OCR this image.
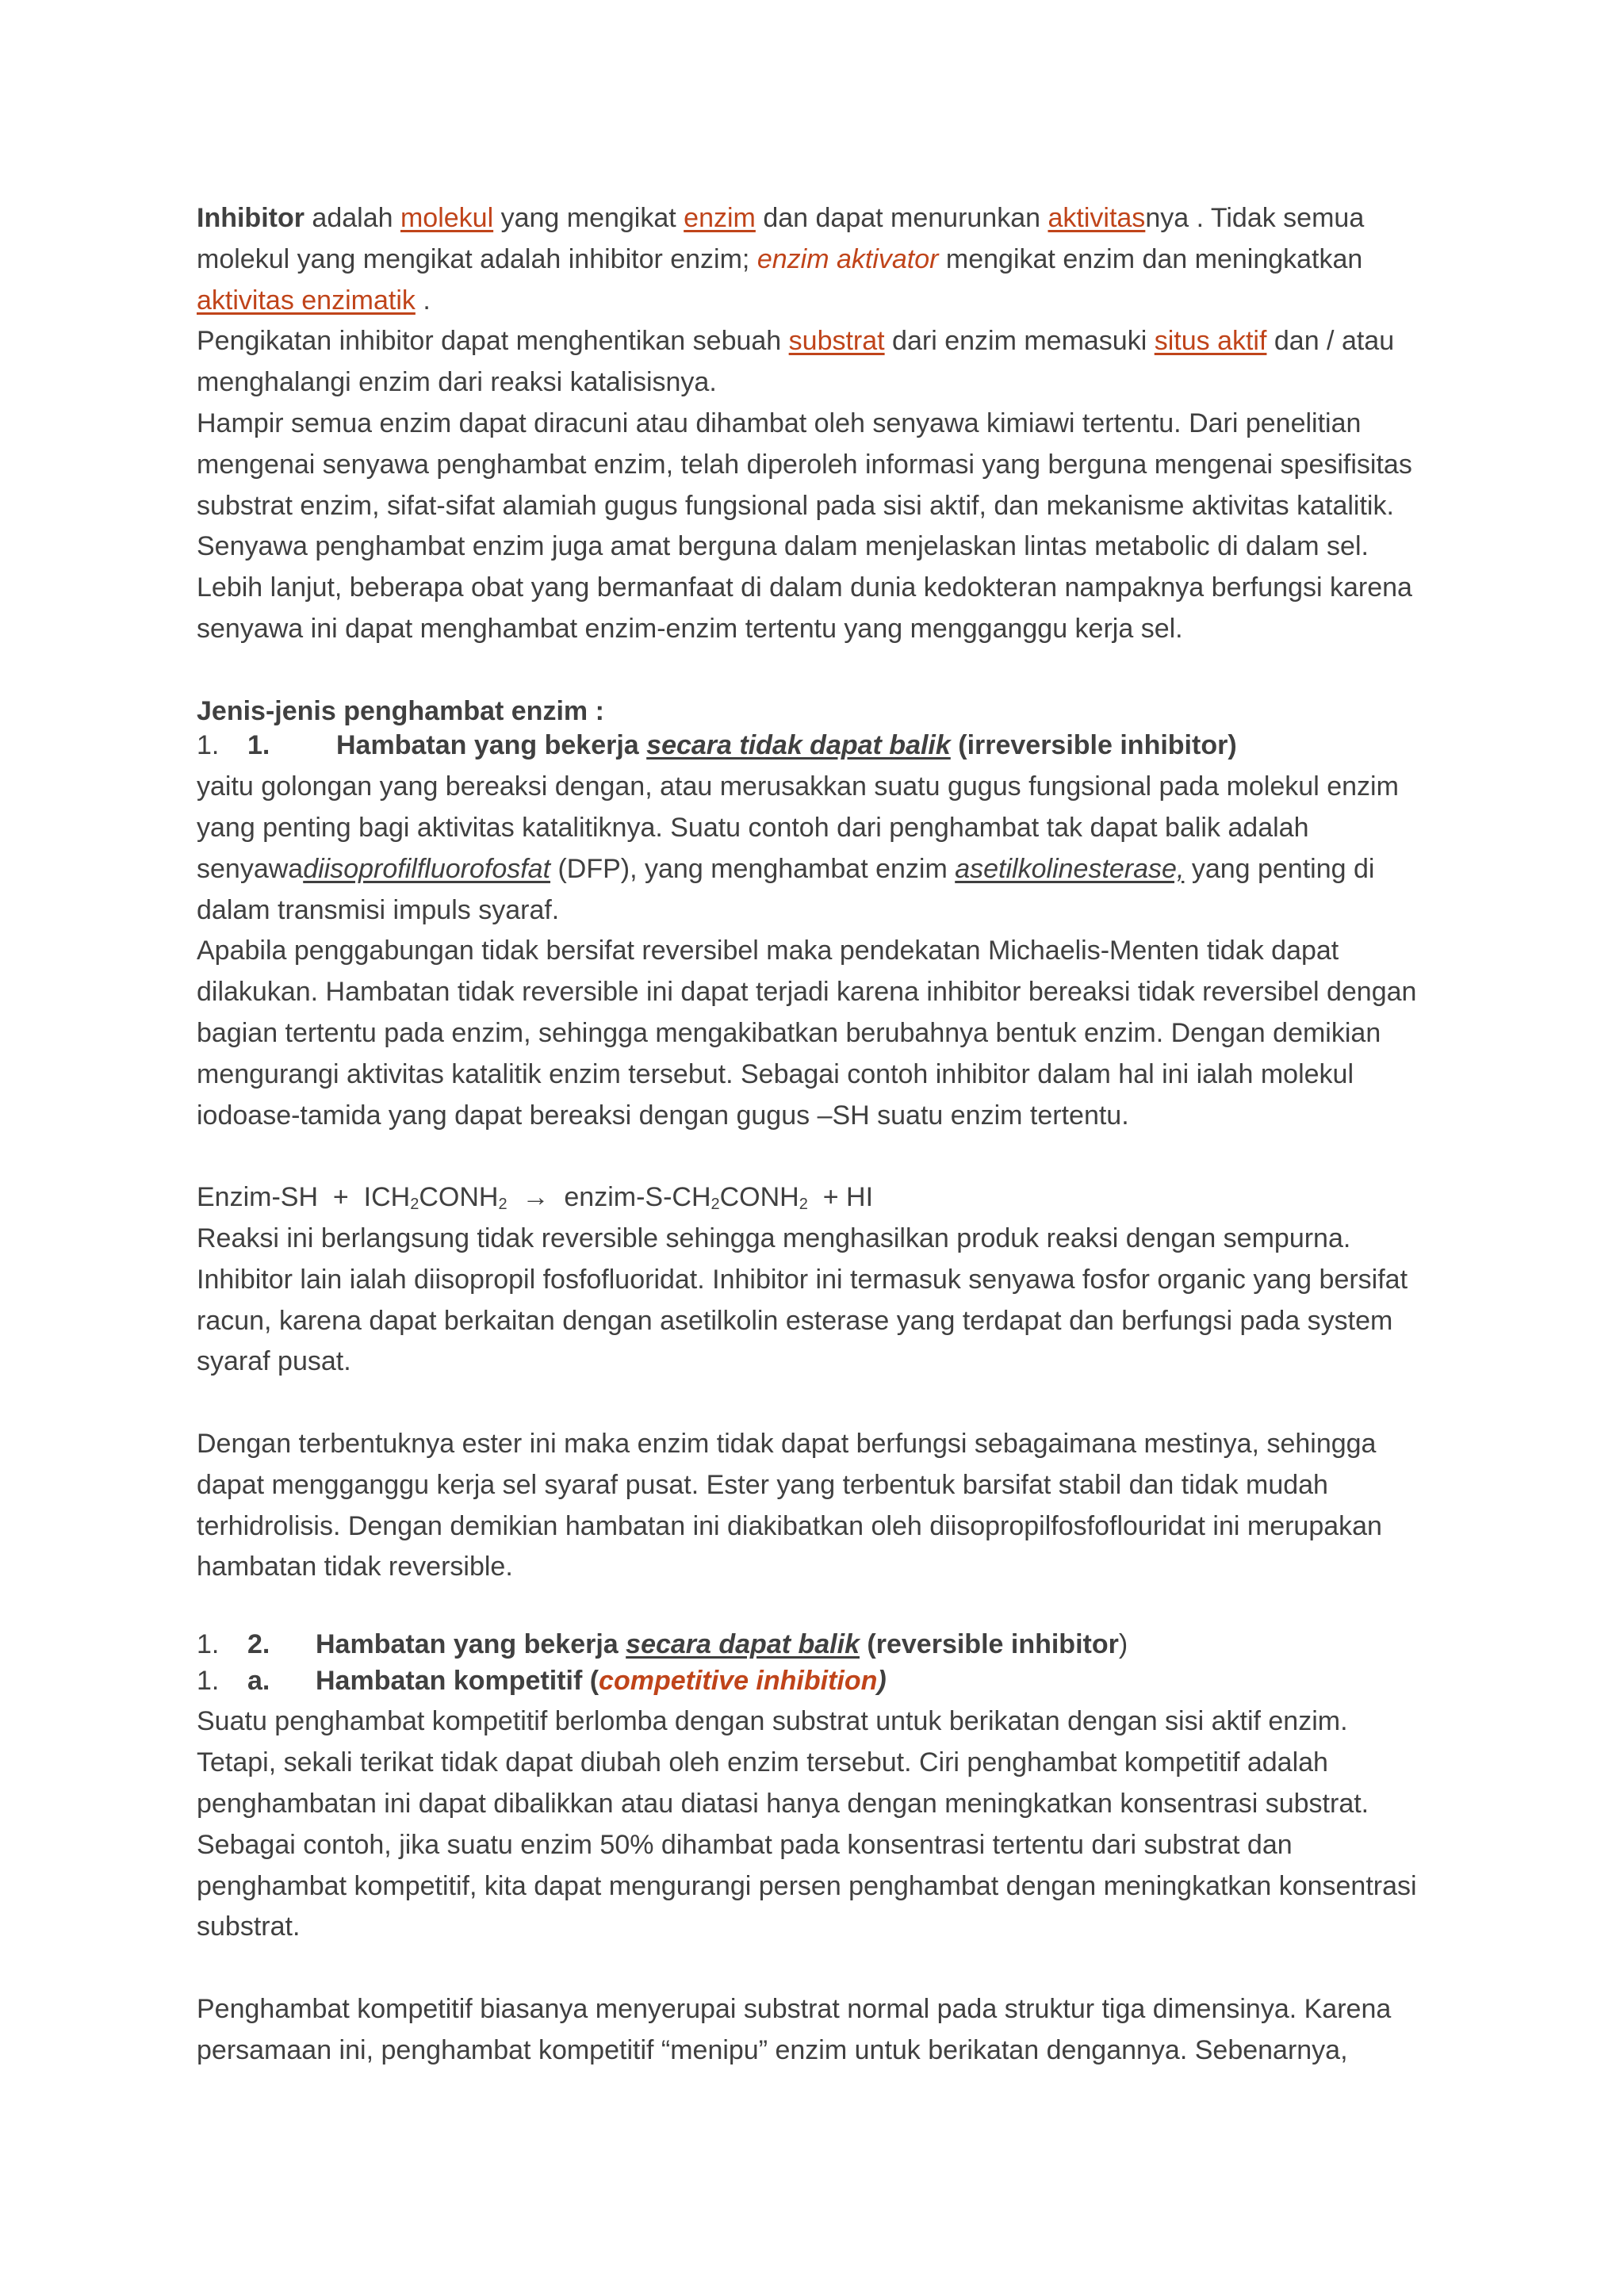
Inhibitor adalah molekul yang mengikat enzim dan dapat menurunkan aktivitasnya . Tidak semua molekul yang mengikat adalah inhibitor enzim; enzim aktivator mengikat enzim dan meningkatkan aktivitas enzimatik .

Pengikatan inhibitor dapat menghentikan sebuah substrat dari enzim memasuki situs aktif dan / atau menghalangi enzim dari reaksi katalisisnya.

Hampir semua enzim dapat diracuni atau dihambat oleh senyawa kimiawi tertentu. Dari penelitian mengenai senyawa penghambat enzim, telah diperoleh informasi yang berguna mengenai spesifisitas substrat enzim, sifat-sifat alamiah gugus fungsional pada sisi aktif, dan mekanisme aktivitas katalitik. Senyawa penghambat enzim juga amat berguna dalam menjelaskan lintas metabolic di dalam sel. Lebih lanjut, beberapa obat yang bermanfaat di dalam dunia kedokteran nampaknya berfungsi karena senyawa ini dapat menghambat enzim-enzim tertentu yang mengganggu kerja sel.

Jenis-jenis penghambat enzim :

1. 1. Hambatan yang bekerja secara tidak dapat balik (irreversible inhibitor)

yaitu golongan yang bereaksi dengan, atau merusakkan suatu gugus fungsional pada molekul enzim yang penting bagi aktivitas katalitiknya. Suatu contoh dari penghambat tak dapat balik adalah senyawadiisoprofilfluorofosfat (DFP), yang menghambat enzim asetilkolinesterase, yang penting di dalam transmisi impuls syaraf.

Apabila penggabungan tidak bersifat reversibel maka pendekatan Michaelis-Menten tidak dapat dilakukan. Hambatan tidak reversible ini dapat terjadi karena inhibitor bereaksi tidak reversibel dengan bagian tertentu pada enzim, sehingga mengakibatkan berubahnya bentuk enzim. Dengan demikian mengurangi aktivitas katalitik enzim tersebut. Sebagai contoh inhibitor dalam hal ini ialah molekul iodoase-tamida yang dapat bereaksi dengan gugus –SH suatu enzim tertentu.

Enzim-SH  +  $ICH_2CONH_2$  →  enzim-$S-CH_2CONH_2$  + HI

Reaksi ini berlangsung tidak reversible sehingga menghasilkan produk reaksi dengan sempurna.

Inhibitor lain ialah diisopropil fosfofluoridat. Inhibitor ini termasuk senyawa fosfor organic yang bersifat racun, karena dapat berkaitan dengan asetilkolin esterase yang terdapat dan berfungsi pada system syaraf pusat.

Dengan terbentuknya ester ini maka enzim tidak dapat berfungsi sebagaimana mestinya, sehingga dapat mengganggu kerja sel syaraf pusat. Ester yang terbentuk barsifat stabil dan tidak mudah terhidrolisis. Dengan demikian hambatan ini diakibatkan oleh diisopropilfosfoflouridat ini merupakan hambatan tidak reversible.

1. 2. Hambatan yang bekerja secara dapat balik (reversible inhibitor)

1. a. Hambatan kompetitif (competitive inhibition)

Suatu penghambat kompetitif berlomba dengan substrat untuk berikatan dengan sisi aktif enzim. Tetapi, sekali terikat tidak dapat diubah oleh enzim tersebut. Ciri penghambat kompetitif adalah penghambatan ini dapat dibalikkan atau diatasi hanya dengan meningkatkan konsentrasi substrat. Sebagai contoh, jika suatu enzim 50% dihambat pada konsentrasi tertentu dari substrat dan penghambat kompetitif, kita dapat mengurangi persen penghambat dengan meningkatkan konsentrasi substrat.

Penghambat kompetitif biasanya menyerupai substrat normal pada struktur tiga dimensinya. Karena persamaan ini, penghambat kompetitif “menipu” enzim untuk berikatan dengannya. Sebenarnya,
